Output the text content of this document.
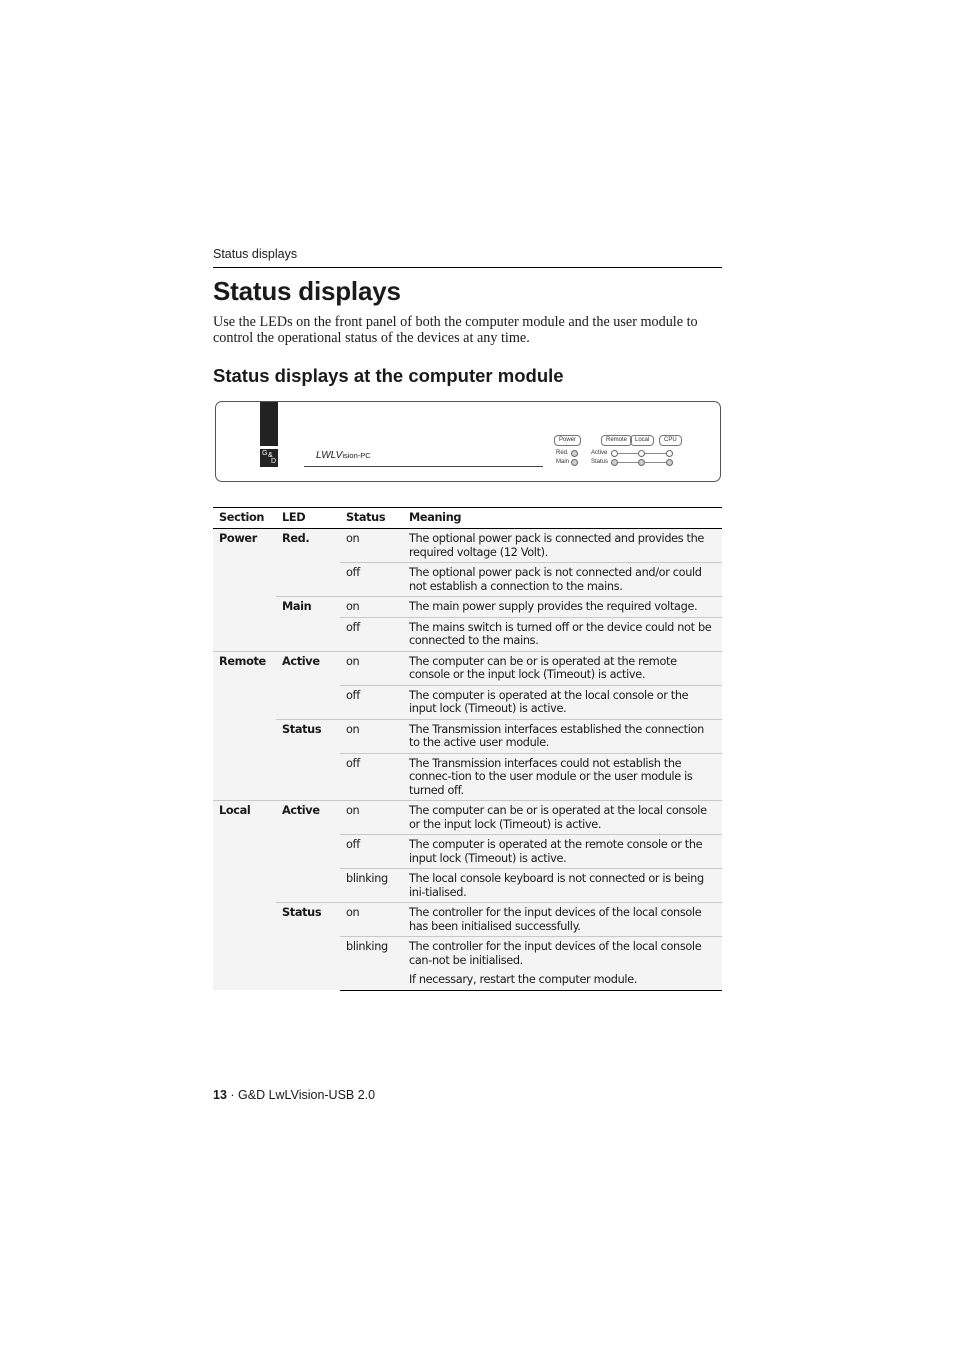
Status displays
Status displays

Use the LEDs on the front panel of both the computer module and the user module to control the operational status of the devices at any time.

Status displays at the computer module
G &
D
LWLVision-PC
Power	Remote	Local	CPU
Red.
Main
Active
Status
Section	LED	Status	Meaning
Power	Red.	on	The optional power pack is connected and provides the required voltage (12 Volt).
		off	The optional power pack is not connected and/or could not establish a connection to the mains.
	Main	on	The main power supply provides the required voltage.
		off	The mains switch is turned off or the device could not be connected to the mains.
Remote	Active	on	The computer can be or is operated at the remote console or the input lock (Timeout) is active.
		off	The computer is operated at the local console or the input lock (Timeout) is active.
	Status	on	The Transmission interfaces established the connection to the active user module.
		off	The Transmission interfaces could not establish the connec-tion to the user module or the user module is turned off.
Local	Active	on	The computer can be or is operated at the local console or the input lock (Timeout) is active.
		off	The computer is operated at the remote console or the input lock (Timeout) is active.
		blinking	The local console keyboard is not connected or is being ini-tialised.
	Status	on	The controller for the input devices of the local console has been initialised successfully.
		blinking	The controller for the input devices of the local console can-not be initialised.
If necessary, restart the computer module.
13 · G&D LwLVision-USB 2.0
